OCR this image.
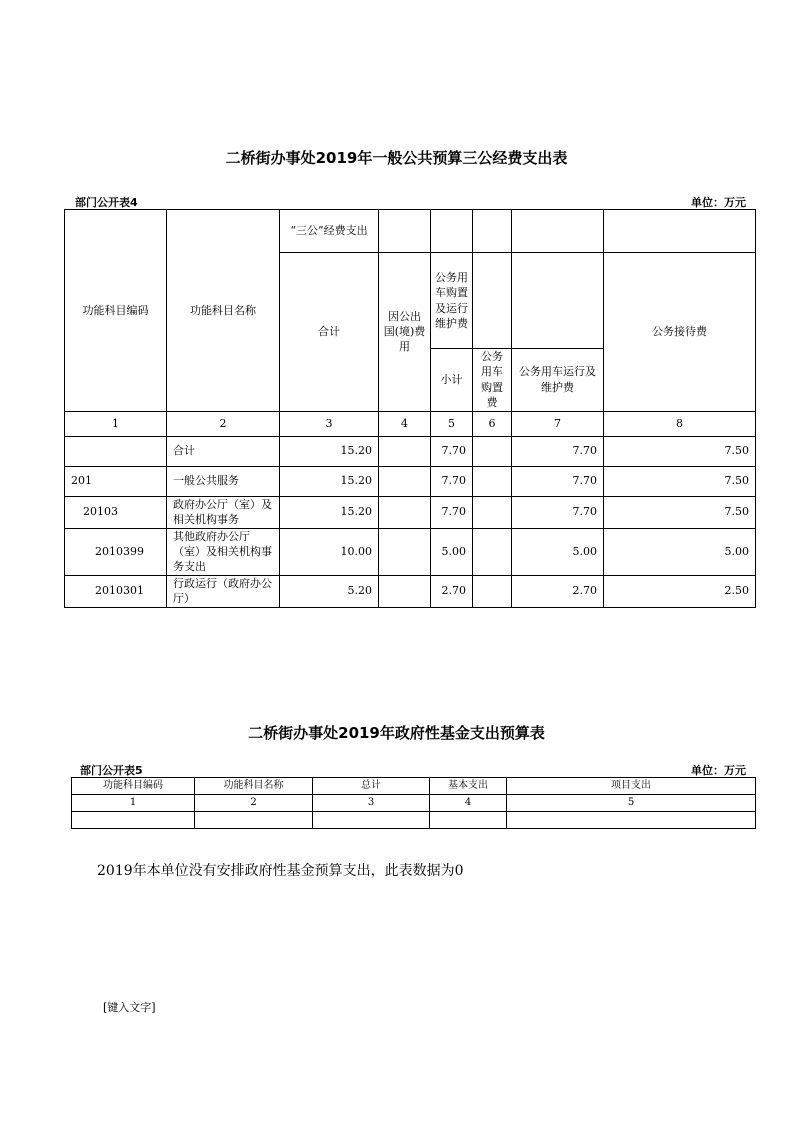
二桥街办事处2019年一般公共预算三公经费支出表
部门公开表4	单位：万元
功能科目编码	功能科目名称	“三公”经费支出					
		合计	因公出国(境)费用	公务用车购置及运行维护费			公务接待费
				小计	公务用车购置费	公务用车运行及维护费	
1	2	3	4	5	6	7	8
	合计	15.20		7.70		7.70	7.50
201	一般公共服务	15.20		7.70		7.70	7.50
20103	政府办公厅（室）及相关机构事务	15.20		7.70		7.70	7.50
2010399	其他政府办公厅（室）及相关机构事务支出	10.00		5.00		5.00	5.00
2010301	行政运行（政府办公厅）	5.20		2.70		2.70	2.50
二桥街办事处2019年政府性基金支出预算表
部门公开表5	单位：万元
功能科目编码	功能科目名称	总计	基本支出	项目支出
1	2	3	4	5

2019年本单位没有安排政府性基金预算支出，此表数据为0
[键入文字]
